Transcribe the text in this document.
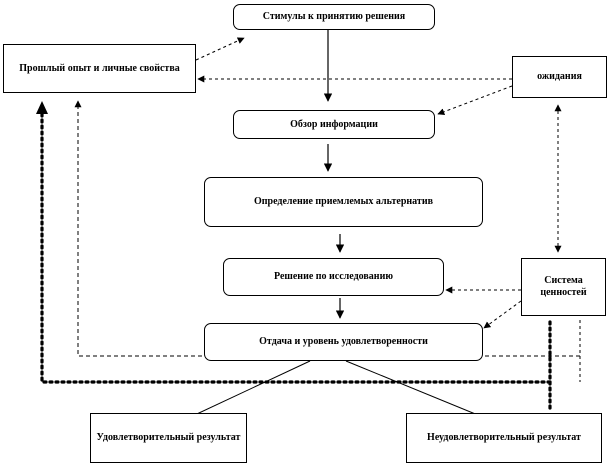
Стимулы к принятию решения
Прошлый опыт и личные свойства
ожидания
Обзор информации
Определение приемлемых альтернатив
Решение по исследованию	Система ценностей
Отдача и уровень удовлетворенности
Удовлетворительный результат	Неудовлетворительный результат
